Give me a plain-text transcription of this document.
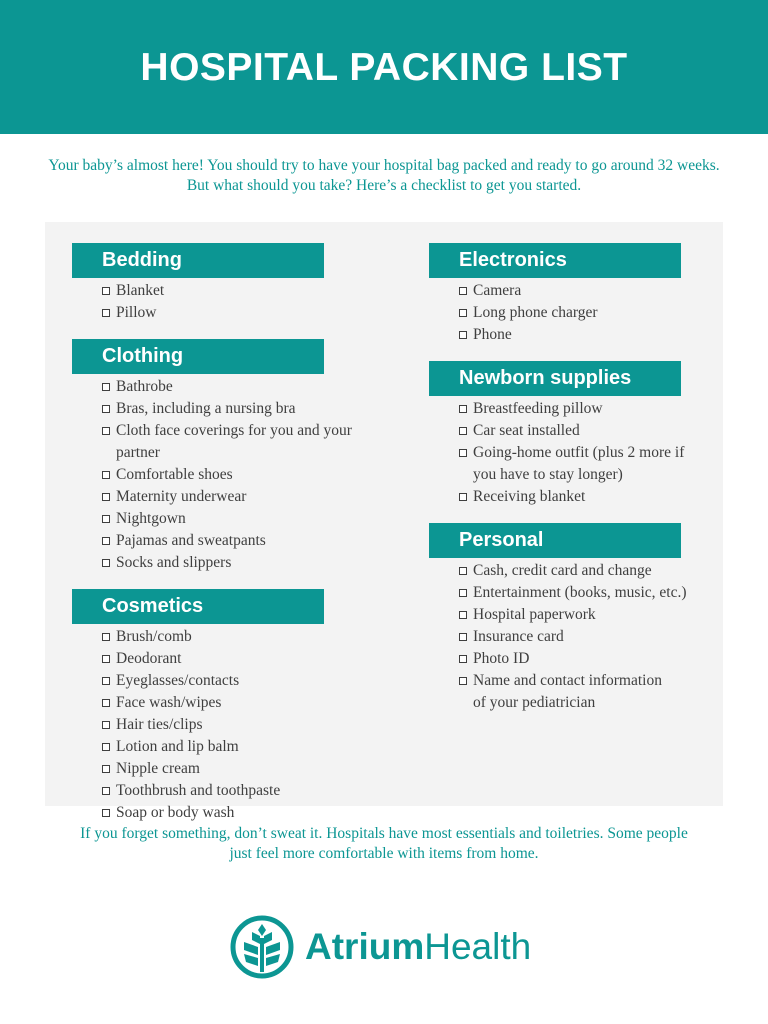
HOSPITAL PACKING LIST
Your baby’s almost here! You should try to have your hospital bag packed and ready to go around 32 weeks.
But what should you take? Here’s a checklist to get you started.
Bedding
Blanket
Pillow
Clothing
Bathrobe
Bras, including a nursing bra
Cloth face coverings for you and your partner
Comfortable shoes
Maternity underwear
Nightgown
Pajamas and sweatpants
Socks and slippers
Cosmetics
Brush/comb
Deodorant
Eyeglasses/contacts
Face wash/wipes
Hair ties/clips
Lotion and lip balm
Nipple cream
Toothbrush and toothpaste
Soap or body wash
Electronics
Camera
Long phone charger
Phone
Newborn supplies
Breastfeeding pillow
Car seat installed
Going-home outfit (plus 2 more if
you have to stay longer)
Receiving blanket
Personal
Cash, credit card and change
Entertainment (books, music, etc.)
Hospital paperwork
Insurance card
Photo ID
Name and contact information
of your pediatrician
If you forget something, don’t sweat it. Hospitals have most essentials and toiletries. Some people
just feel more comfortable with items from home.
AtriumHealth
